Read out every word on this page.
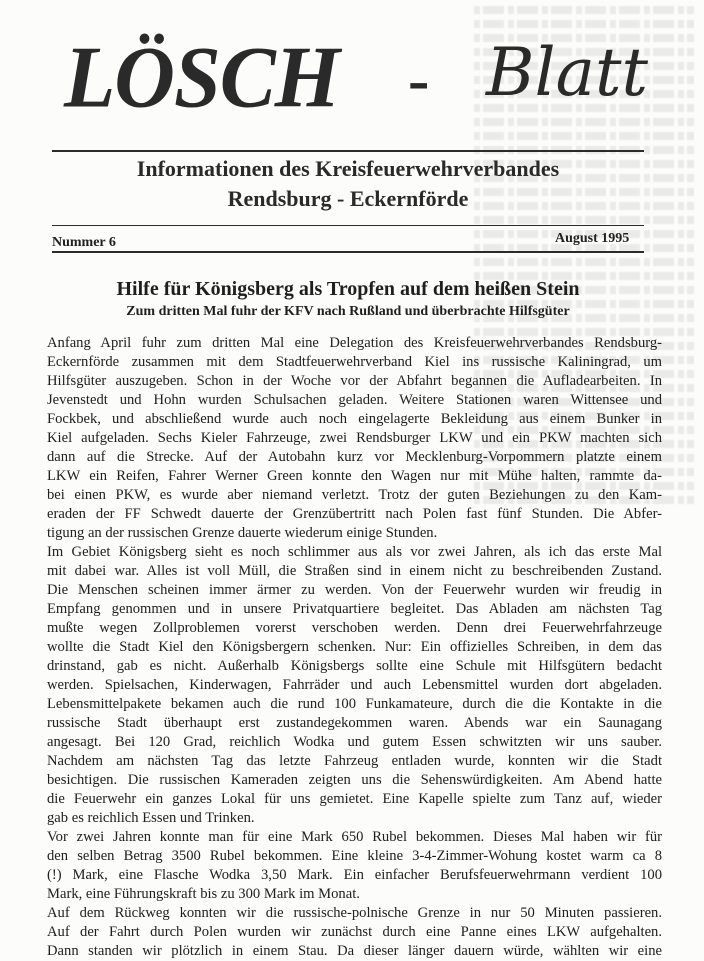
LÖSCH - Blatt
Informationen des Kreisfeuerwehrverbandes
Rendsburg - Eckernförde
Nummer 6	August 1995
Hilfe für Königsberg als Tropfen auf dem heißen Stein
Zum dritten Mal fuhr der KFV nach Rußland und überbrachte Hilfsgüter
Anfang April fuhr zum dritten Mal eine Delegation des Kreisfeuerwehrverbandes Rendsburg-
Eckernförde zusammen mit dem Stadtfeuerwehrverband Kiel ins russische Kaliningrad, um
Hilfsgüter auszugeben. Schon in der Woche vor der Abfahrt begannen die Aufladearbeiten. In
Jevenstedt und Hohn wurden Schulsachen geladen. Weitere Stationen waren Wittensee und
Fockbek, und abschließend wurde auch noch eingelagerte Bekleidung aus einem Bunker in
Kiel aufgeladen. Sechs Kieler Fahrzeuge, zwei Rendsburger LKW und ein PKW machten sich
dann auf die Strecke. Auf der Autobahn kurz vor Mecklenburg-Vorpommern platzte einem
LKW ein Reifen, Fahrer Werner Green konnte den Wagen nur mit Mühe halten, rammte da-
bei einen PKW, es wurde aber niemand verletzt. Trotz der guten Beziehungen zu den Kam-
eraden der FF Schwedt dauerte der Grenzübertritt nach Polen fast fünf Stunden. Die Abfer-
tigung an der russischen Grenze dauerte wiederum einige Stunden.
Im Gebiet Königsberg sieht es noch schlimmer aus als vor zwei Jahren, als ich das erste Mal
mit dabei war. Alles ist voll Müll, die Straßen sind in einem nicht zu beschreibenden Zustand.
Die Menschen scheinen immer ärmer zu werden. Von der Feuerwehr wurden wir freudig in
Empfang genommen und in unsere Privatquartiere begleitet. Das Abladen am nächsten Tag
mußte wegen Zollproblemen vorerst verschoben werden. Denn drei Feuerwehrfahrzeuge
wollte die Stadt Kiel den Königsbergern schenken. Nur: Ein offizielles Schreiben, in dem das
drinstand, gab es nicht. Außerhalb Königsbergs sollte eine Schule mit Hilfsgütern bedacht
werden. Spielsachen, Kinderwagen, Fahrräder und auch Lebensmittel wurden dort abgeladen.
Lebensmittelpakete bekamen auch die rund 100 Funkamateure, durch die die Kontakte in die
russische Stadt überhaupt erst zustandegekommen waren. Abends war ein Saunagang
angesagt. Bei 120 Grad, reichlich Wodka und gutem Essen schwitzten wir uns sauber.
Nachdem am nächsten Tag das letzte Fahrzeug entladen wurde, konnten wir die Stadt
besichtigen. Die russischen Kameraden zeigten uns die Sehenswürdigkeiten. Am Abend hatte
die Feuerwehr ein ganzes Lokal für uns gemietet. Eine Kapelle spielte zum Tanz auf, wieder
gab es reichlich Essen und Trinken.
Vor zwei Jahren konnte man für eine Mark 650 Rubel bekommen. Dieses Mal haben wir für
den selben Betrag 3500 Rubel bekommen. Eine kleine 3-4-Zimmer-Wohung kostet warm ca 8
(!) Mark, eine Flasche Wodka 3,50 Mark. Ein einfacher Berufsfeuerwehrmann verdient 100
Mark, eine Führungskraft bis zu 300 Mark im Monat.
Auf dem Rückweg konnten wir die russische-polnische Grenze in nur 50 Minuten passieren.
Auf der Fahrt durch Polen wurden wir zunächst durch eine Panne eines LKW aufgehalten.
Dann standen wir plötzlich in einem Stau. Da dieser länger dauern würde, wählten wir eine
